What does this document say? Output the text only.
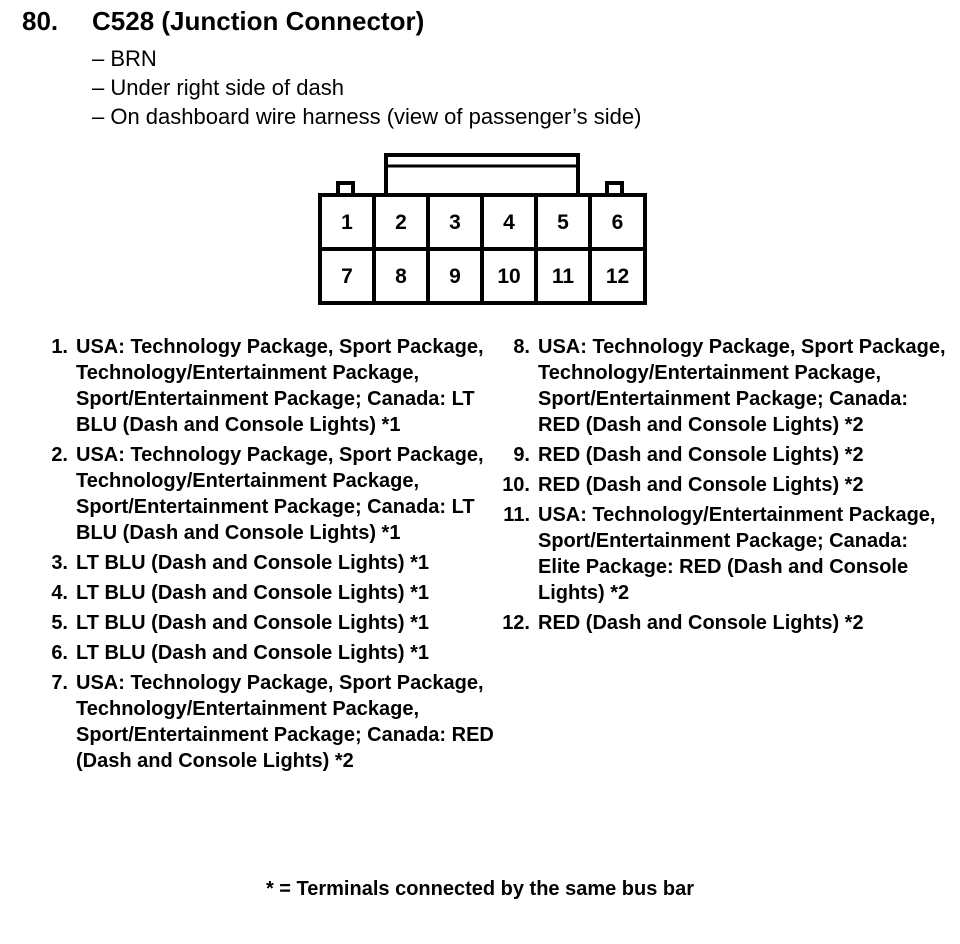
80. C528 (Junction Connector)
– BRN
– Under right side of dash
– On dashboard wire harness (view of passenger’s side)
1 2 3 4 5 6
7 8 9 10 11 12
1. USA: Technology Package, Sport Package, Technology/Entertainment Package, Sport/Entertainment Package; Canada: LT BLU (Dash and Console Lights) *1
2. USA: Technology Package, Sport Package, Technology/Entertainment Package, Sport/Entertainment Package; Canada: LT BLU (Dash and Console Lights) *1
3. LT BLU (Dash and Console Lights) *1
4. LT BLU (Dash and Console Lights) *1
5. LT BLU (Dash and Console Lights) *1
6. LT BLU (Dash and Console Lights) *1
7. USA: Technology Package, Sport Package, Technology/Entertainment Package, Sport/Entertainment Package; Canada: RED (Dash and Console Lights) *2
8. USA: Technology Package, Sport Package, Technology/Entertainment Package, Sport/Entertainment Package; Canada: RED (Dash and Console Lights) *2
9. RED (Dash and Console Lights) *2
10. RED (Dash and Console Lights) *2
11. USA: Technology/Entertainment Package, Sport/Entertainment Package; Canada: Elite Package: RED (Dash and Console Lights) *2
12. RED (Dash and Console Lights) *2
* = Terminals connected by the same bus bar
